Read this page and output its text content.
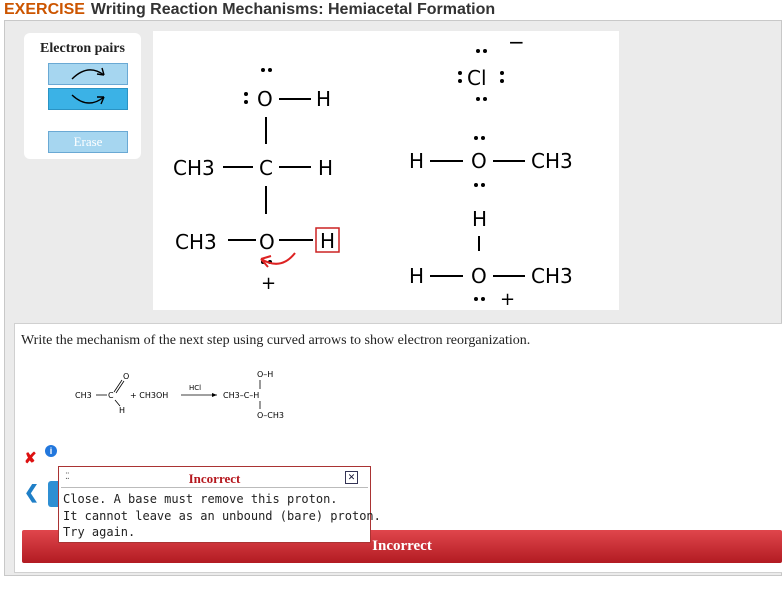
EXERCISE Writing Reaction Mechanisms: Hemiacetal Formation
Electron pairs
Erase
O H
CH3 C H
CH3 O H
+
Cl
−
H O CH3
H
H O CH3
+
Write the mechanism of the next step using curved arrows to show electron reorganization.
CH3 C
O
H
+ CH3OH
HCl
O–H
CH3–C–H
O–CH3
✘	i
❮
Incorrect
⁚⁚	Incorrect	✕
Close. A base must remove this proton.
It cannot leave as an unbound (bare) proton.
Try again.
